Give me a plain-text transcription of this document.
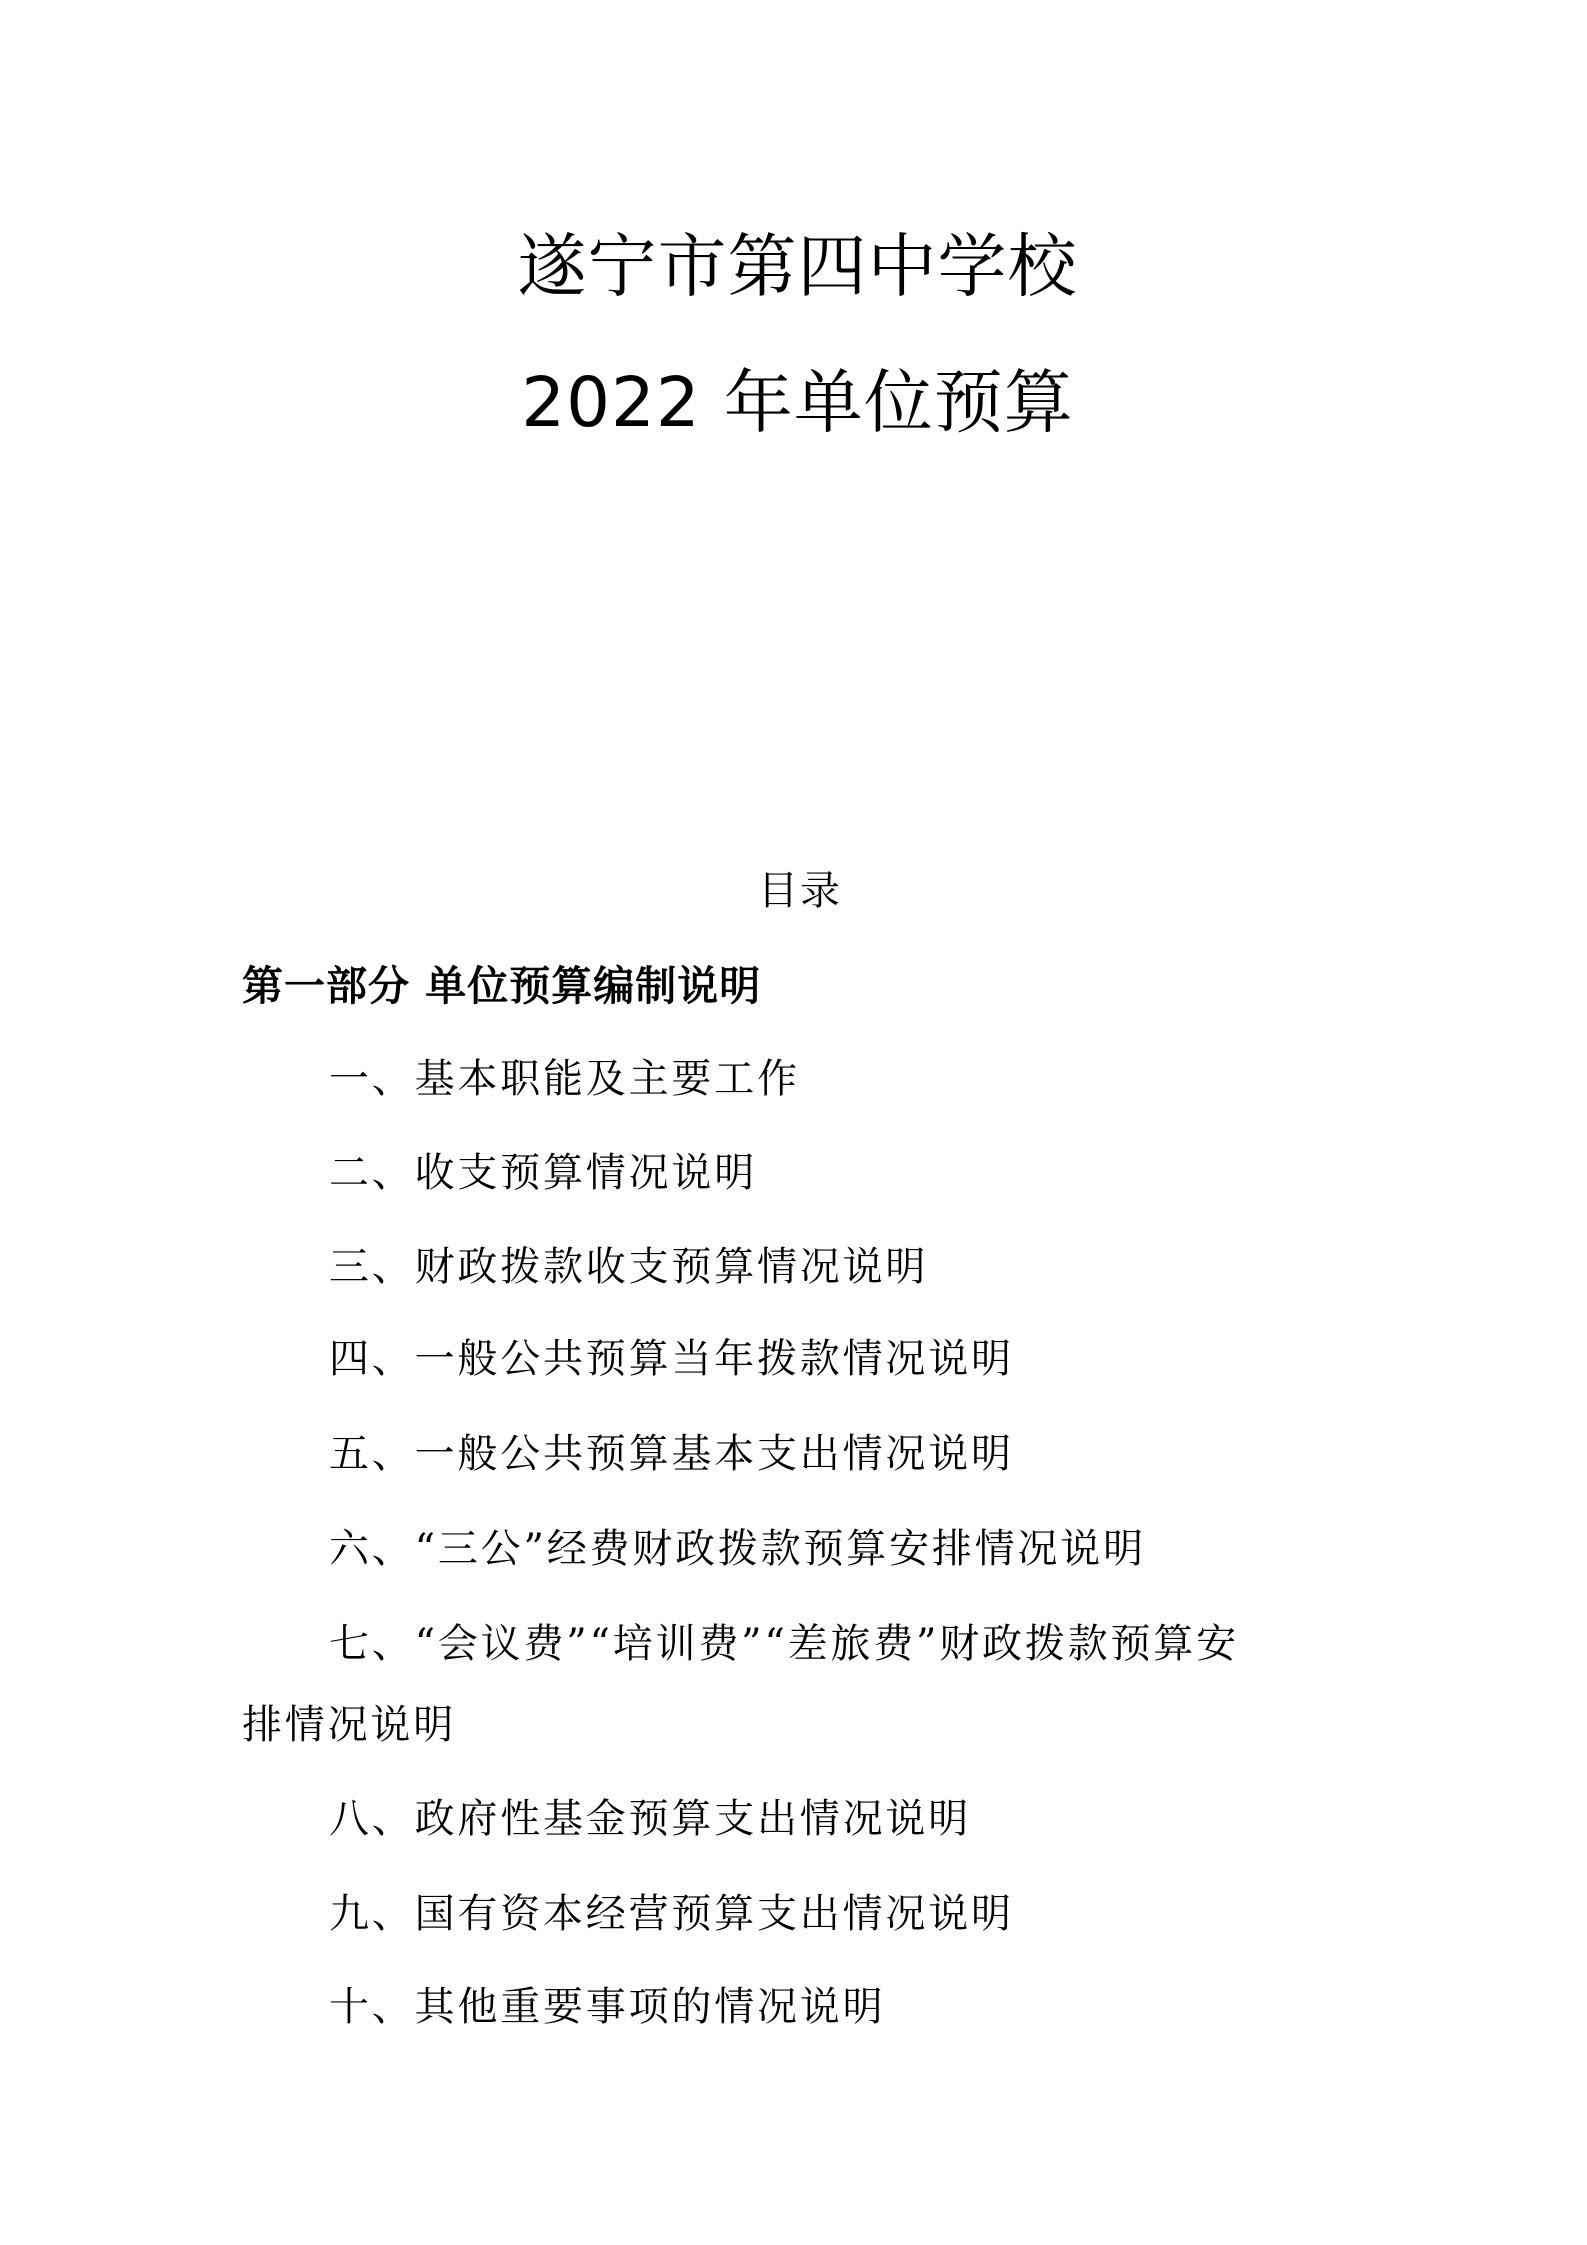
遂宁市第四中学校
2022 年单位预算
目录
第一部分 单位预算编制说明
一、基本职能及主要工作
二、收支预算情况说明
三、财政拨款收支预算情况说明
四、一般公共预算当年拨款情况说明
五、一般公共预算基本支出情况说明
六、“三公”经费财政拨款预算安排情况说明
七、“会议费”“培训费”“差旅费”财政拨款预算安
排情况说明
八、政府性基金预算支出情况说明
九、国有资本经营预算支出情况说明
十、其他重要事项的情况说明
